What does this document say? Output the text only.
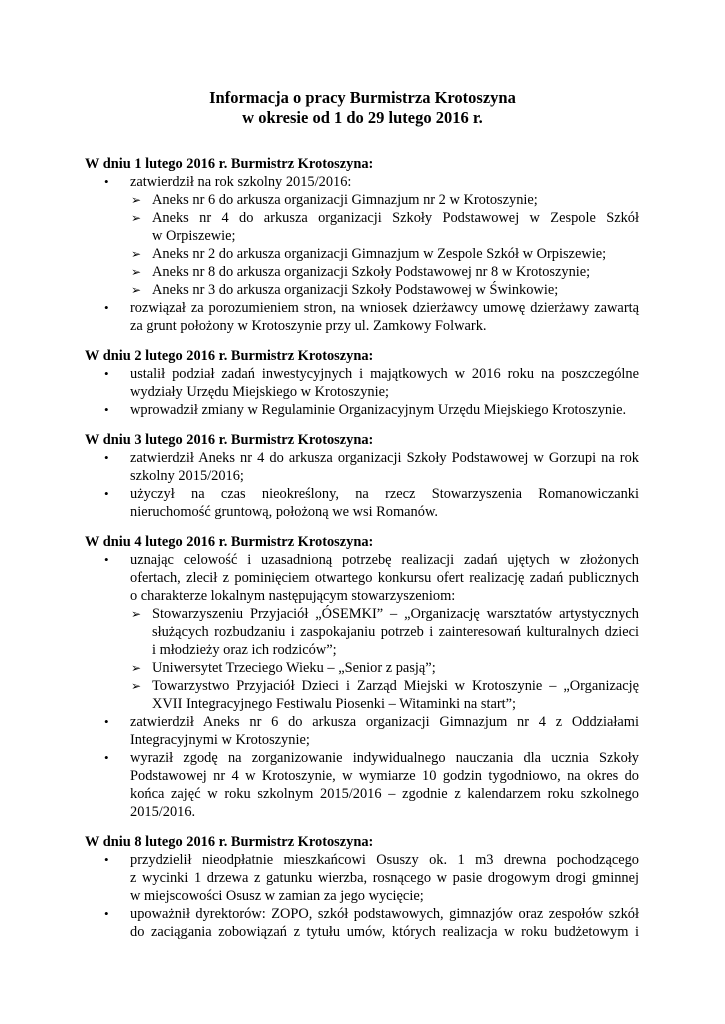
Informacja o pracy Burmistrza Krotoszyna
w okresie od 1 do 29 lutego 2016 r.
W dniu 1 lutego 2016 r. Burmistrz Krotoszyna:
• zatwierdził na rok szkolny 2015/2016:
➢ Aneks nr 6 do arkusza organizacji Gimnazjum nr 2 w Krotoszynie;
➢ Aneks nr 4 do arkusza organizacji Szkoły Podstawowej w Zespole Szkół
w Orpiszewie;
➢ Aneks nr 2 do arkusza organizacji Gimnazjum w Zespole Szkół w Orpiszewie;
➢ Aneks nr 8 do arkusza organizacji Szkoły Podstawowej nr 8 w Krotoszynie;
➢ Aneks nr 3 do arkusza organizacji Szkoły Podstawowej w Świnkowie;
• rozwiązał za porozumieniem stron, na wniosek dzierżawcy umowę dzierżawy zawartą
za grunt położony w Krotoszynie przy ul. Zamkowy Folwark.
W dniu 2 lutego 2016 r. Burmistrz Krotoszyna:
• ustalił podział zadań inwestycyjnych i majątkowych w 2016 roku na poszczególne
wydziały Urzędu Miejskiego w Krotoszynie;
• wprowadził zmiany w Regulaminie Organizacyjnym Urzędu Miejskiego Krotoszynie.
W dniu 3 lutego 2016 r. Burmistrz Krotoszyna:
• zatwierdził Aneks nr 4 do arkusza organizacji Szkoły Podstawowej w Gorzupi na rok
szkolny 2015/2016;
• użyczył na czas nieokreślony, na rzecz Stowarzyszenia Romanowiczanki
nieruchomość gruntową, położoną we wsi Romanów.
W dniu 4 lutego 2016 r. Burmistrz Krotoszyna:
• uznając celowość i uzasadnioną potrzebę realizacji zadań ujętych w złożonych
ofertach, zlecił z pominięciem otwartego konkursu ofert realizację zadań publicznych
o charakterze lokalnym następującym stowarzyszeniom:
➢ Stowarzyszeniu Przyjaciół „ÓSEMKI” – „Organizację warsztatów artystycznych
służących rozbudzaniu i zaspokajaniu potrzeb i zainteresowań kulturalnych dzieci
i młodzieży oraz ich rodziców”;
➢ Uniwersytet Trzeciego Wieku – „Senior z pasją”;
➢ Towarzystwo Przyjaciół Dzieci i Zarząd Miejski w Krotoszynie – „Organizację
XVII Integracyjnego Festiwalu Piosenki – Witaminki na start”;
• zatwierdził Aneks nr 6 do arkusza organizacji Gimnazjum nr 4 z Oddziałami
Integracyjnymi w Krotoszynie;
• wyraził zgodę na zorganizowanie indywidualnego nauczania dla ucznia Szkoły
Podstawowej nr 4 w Krotoszynie, w wymiarze 10 godzin tygodniowo, na okres do
końca zajęć w roku szkolnym 2015/2016 – zgodnie z kalendarzem roku szkolnego
2015/2016.
W dniu 8 lutego 2016 r. Burmistrz Krotoszyna:
• przydzielił nieodpłatnie mieszkańcowi Osuszy ok. 1 m3 drewna pochodzącego
z wycinki 1 drzewa z gatunku wierzba, rosnącego w pasie drogowym drogi gminnej
w miejscowości Osusz w zamian za jego wycięcie;
• upoważnił dyrektorów: ZOPO, szkół podstawowych, gimnazjów oraz zespołów szkół
do zaciągania zobowiązań z tytułu umów, których realizacja w roku budżetowym i
